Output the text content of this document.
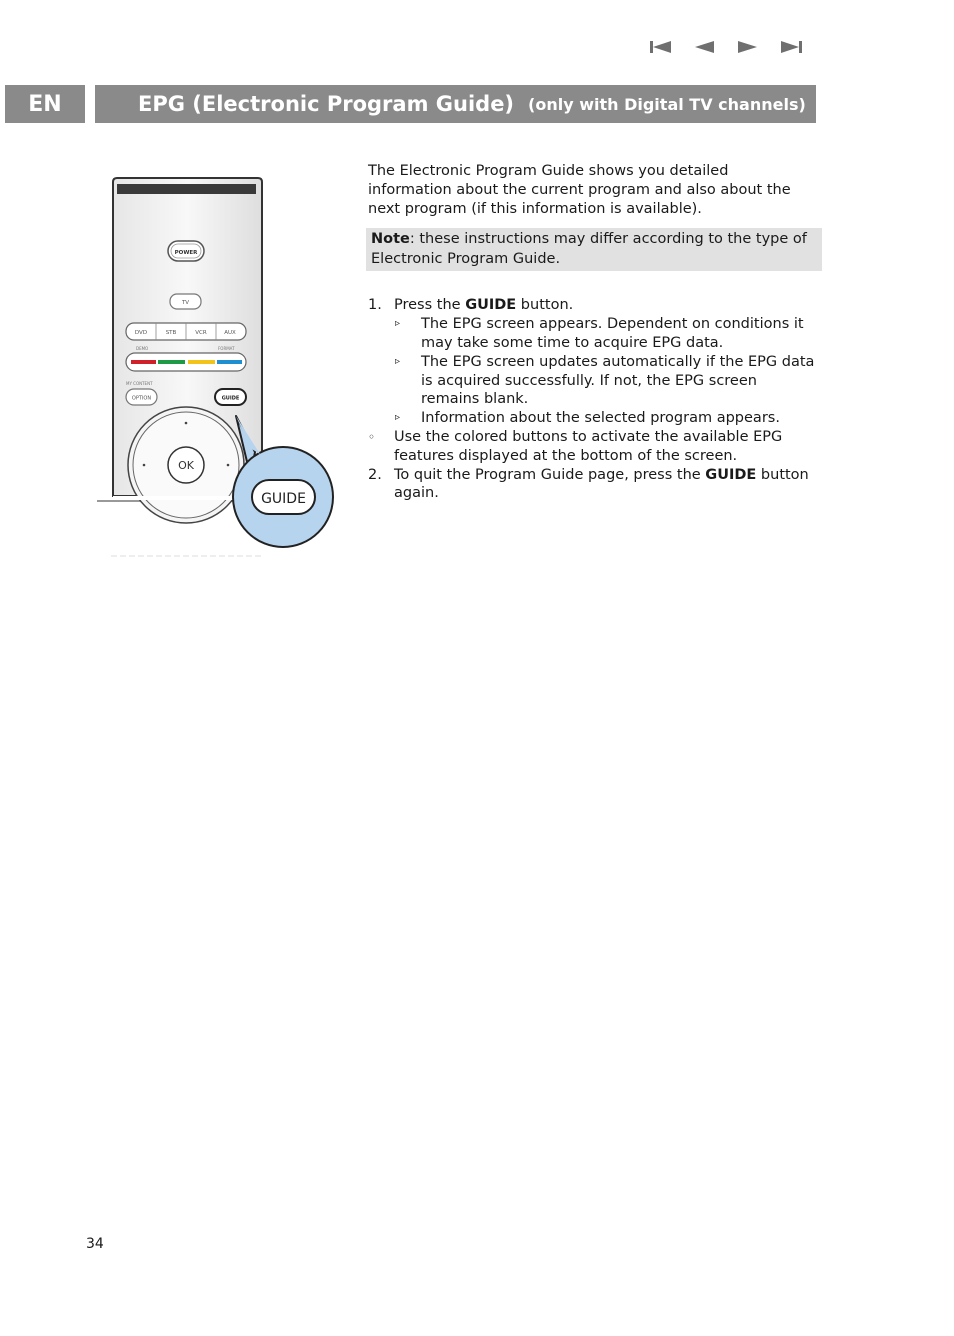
EN	EPG (Electronic Program Guide) (only with Digital TV channels)
POWER
TV
DVD	STB	VCR	AUX
DEMO	FORMAT
MY CONTENT
OPTION	GUIDE
OK
GUIDE

The Electronic Program Guide shows you detailed information about the current program and also about the next program (if this information is available).

Note: these instructions may differ according to the type of Electronic Program Guide.
1. Press the GUIDE button.
▹ The EPG screen appears. Dependent on conditions it may take some time to acquire EPG data.
▹ The EPG screen updates automatically if the EPG data is acquired successfully. If not, the EPG screen remains blank.
▹ Information about the selected program appears.
◦ Use the colored buttons to activate the available EPG features displayed at the bottom of the screen.
2. To quit the Program Guide page, press the GUIDE button again.
34
